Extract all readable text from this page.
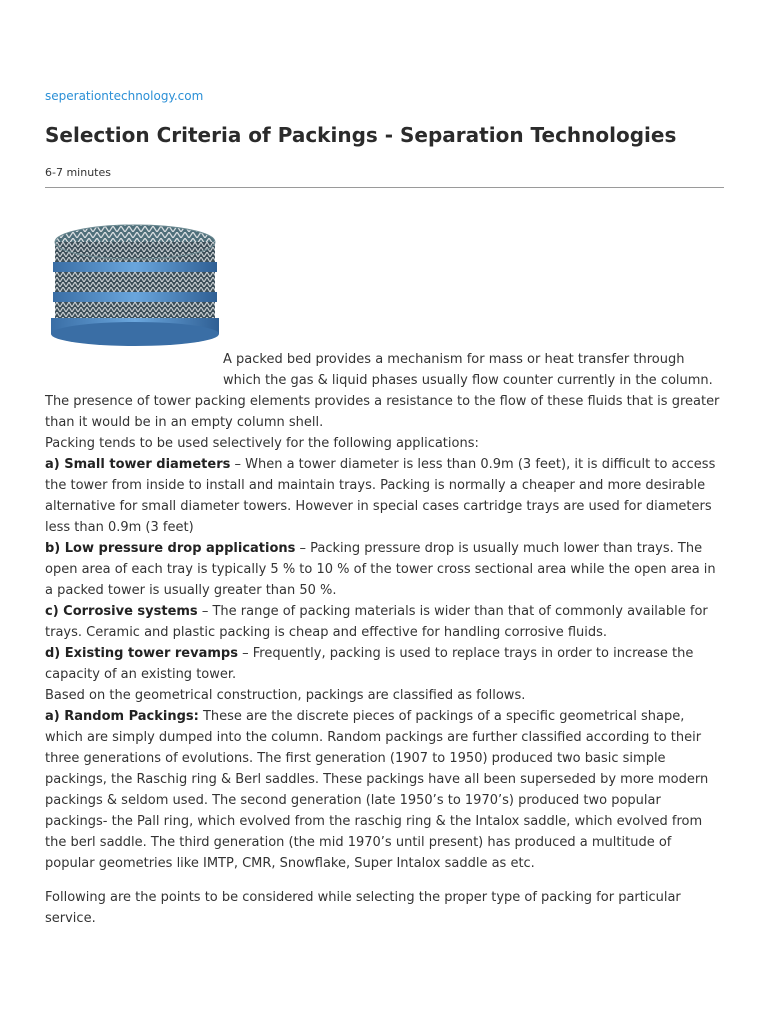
seperationtechnology.com
Selection Criteria of Packings - Separation Technologies
6-7 minutes

A packed bed provides a mechanism for mass or heat transfer through which the gas & liquid phases usually flow counter currently in the column. The presence of tower packing elements provides a resistance to the flow of these fluids that is greater than it would be in an empty column shell.

Packing tends to be used selectively for the following applications:

a) Small tower diameters – When a tower diameter is less than 0.9m (3 feet), it is difficult to access the tower from inside to install and maintain trays. Packing is normally a cheaper and more desirable alternative for small diameter towers. However in special cases cartridge trays are used for diameters less than 0.9m (3 feet)

b) Low pressure drop applications – Packing pressure drop is usually much lower than trays. The open area of each tray is typically 5 % to 10 % of the tower cross sectional area while the open area in a packed tower is usually greater than 50 %.

c) Corrosive systems – The range of packing materials is wider than that of commonly available for trays. Ceramic and plastic packing is cheap and effective for handling corrosive fluids.

d) Existing tower revamps – Frequently, packing is used to replace trays in order to increase the capacity of an existing tower.

Based on the geometrical construction, packings are classified as follows.

a) Random Packings: These are the discrete pieces of packings of a specific geometrical shape, which are simply dumped into the column. Random packings are further classified according to their three generations of evolutions. The first generation (1907 to 1950) produced two basic simple packings, the Raschig ring & Berl saddles. These packings have all been superseded by more modern packings & seldom used. The second generation (late 1950’s to 1970’s) produced two popular packings- the Pall ring, which evolved from the raschig ring & the Intalox saddle, which evolved from the berl saddle. The third generation (the mid 1970’s until present) has produced a multitude of popular geometries like IMTP, CMR, Snowflake, Super Intalox saddle as etc.

Following are the points to be considered while selecting the proper type of packing for particular service.
